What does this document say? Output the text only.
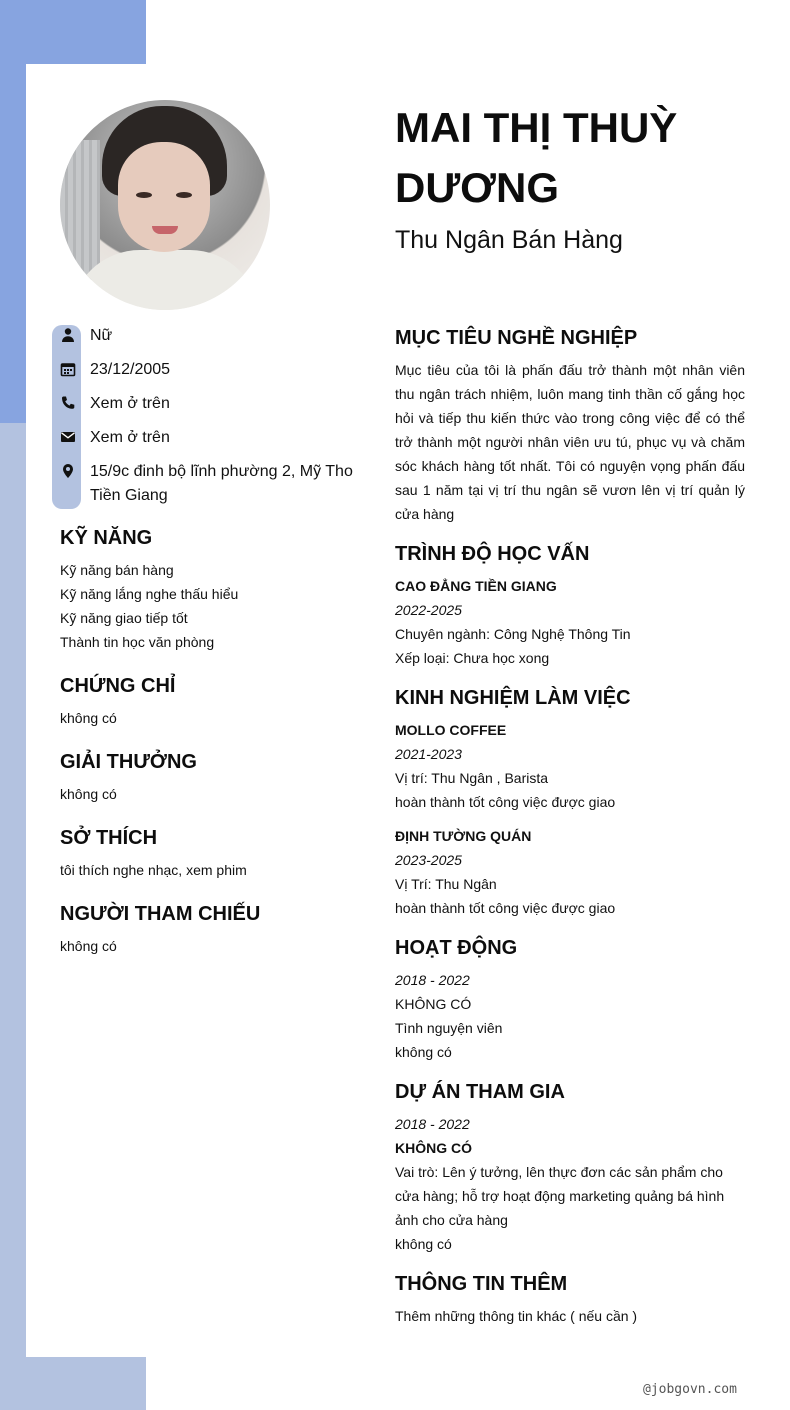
MAI THỊ THUỲ DƯƠNG
Thu Ngân Bán Hàng
Nữ
23/12/2005
Xem ở trên
Xem ở trên
15/9c đinh bộ lĩnh phường 2, Mỹ Tho Tiền Giang
KỸ NĂNG
Kỹ năng bán hàng
Kỹ năng lắng nghe thấu hiểu
Kỹ năng giao tiếp tốt
Thành tin học văn phòng
CHỨNG CHỈ
không có
GIẢI THƯỞNG
không có
SỞ THÍCH
tôi thích nghe nhạc, xem phim
NGƯỜI THAM CHIẾU
không có
MỤC TIÊU NGHỀ NGHIỆP
Mục tiêu của tôi là phấn đấu trở thành một nhân viên thu ngân trách nhiệm, luôn mang tinh thần cố gắng học hỏi và tiếp thu kiến thức vào trong công việc để có thể trở thành một người nhân viên ưu tú, phục vụ và chăm sóc khách hàng tốt nhất. Tôi có nguyện vọng phấn đấu sau 1 năm tại vị trí thu ngân sẽ vươn lên vị trí quản lý cửa hàng
TRÌNH ĐỘ HỌC VẤN
CAO ĐẲNG TIỀN GIANG
2022-2025
Chuyên ngành: Công Nghệ Thông Tin
Xếp loại: Chưa học xong
KINH NGHIỆM LÀM VIỆC
MOLLO COFFEE
2021-2023
Vị trí: Thu Ngân , Barista
hoàn thành tốt công việc được giao
ĐỊNH TƯỜNG QUÁN
2023-2025
Vị Trí: Thu Ngân
hoàn thành tốt công việc được giao
HOẠT ĐỘNG
2018 - 2022
KHÔNG CÓ
Tình nguyện viên
không có
DỰ ÁN THAM GIA
2018 - 2022
KHÔNG CÓ
Vai trò: Lên ý tưởng, lên thực đơn các sản phẩm cho cửa hàng; hỗ trợ hoạt động marketing quảng bá hình ảnh cho cửa hàng
không có
THÔNG TIN THÊM
Thêm những thông tin khác ( nếu cần )
@jobgovn.com
